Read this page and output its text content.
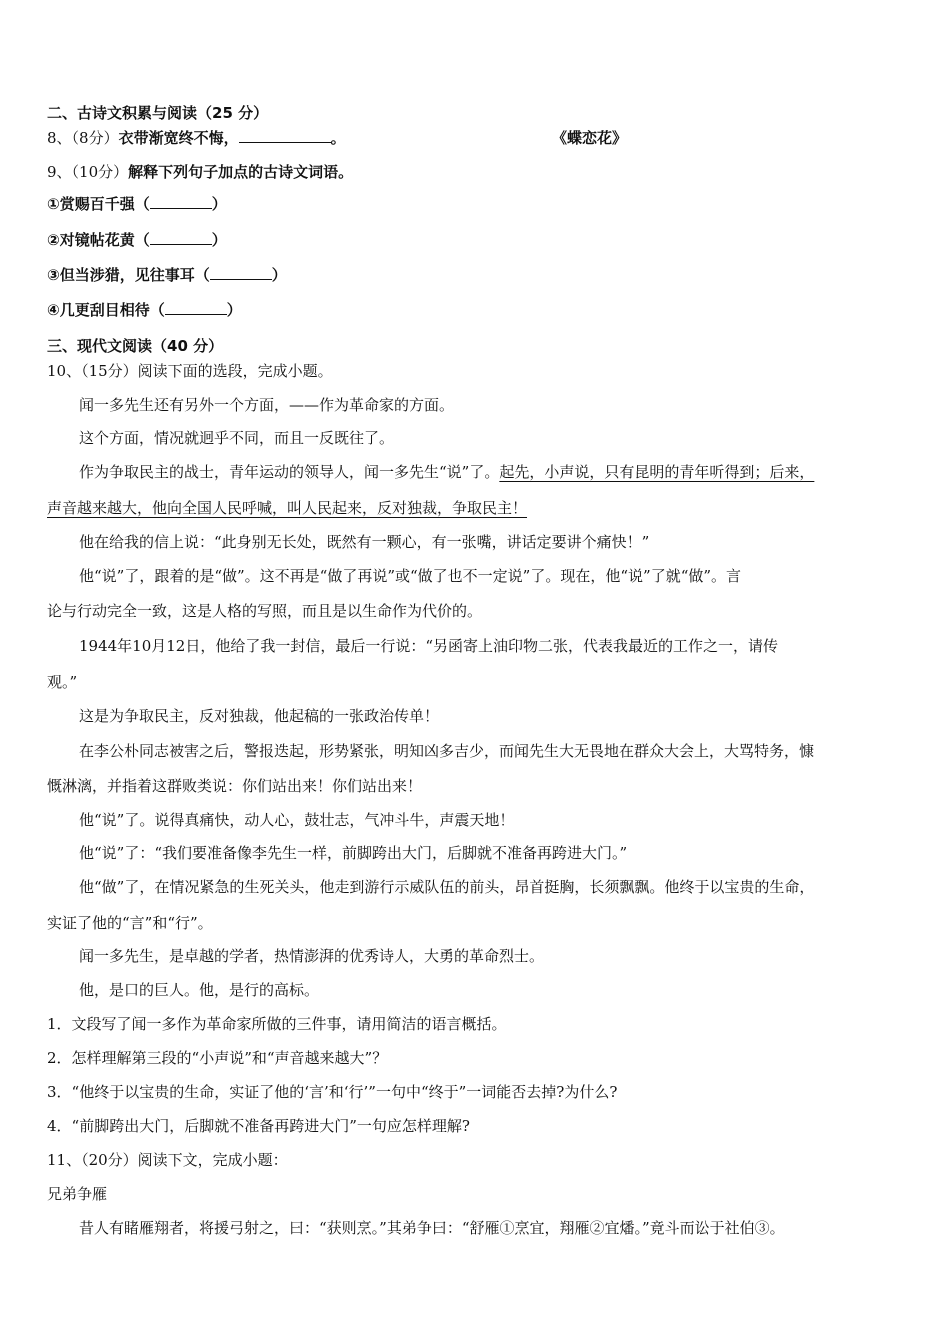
二、古诗文积累与阅读（25 分）
8、（8分）衣带渐宽终不悔，	。	《蝶恋花》
9、（10分）解释下列句子加点的古诗文词语。
①赏赐百千强（	）
②对镜帖花黄（	）
③但当涉猎，见往事耳（	）
④几更刮目相待（	）
三、现代文阅读（40 分）
10、（15分）阅读下面的选段，完成小题。
闻一多先生还有另外一个方面，——作为革命家的方面。
这个方面，情况就迥乎不同，而且一反既往了。
作为争取民主的战士，青年运动的领导人，闻一多先生“说”了。起先，小声说，只有昆明的青年听得到；后来，
声音越来越大，他向全国人民呼喊，叫人民起来，反对独裁，争取民主！
他在给我的信上说：“此身别无长处，既然有一颗心，有一张嘴，讲话定要讲个痛快！”
他“说”了，跟着的是“做”。这不再是“做了再说”或“做了也不一定说”了。现在，他“说”了就“做”。言
论与行动完全一致，这是人格的写照，而且是以生命作为代价的。
1944年10月12日，他给了我一封信，最后一行说：“另函寄上油印物二张，代表我最近的工作之一，请传
观。”
这是为争取民主，反对独裁，他起稿的一张政治传单！
在李公朴同志被害之后，警报迭起，形势紧张，明知凶多吉少，而闻先生大无畏地在群众大会上，大骂特务，慷
慨淋漓，并指着这群败类说：你们站出来！你们站出来！
他“说”了。说得真痛快，动人心，鼓壮志，气冲斗牛，声震天地！
他“说”了：“我们要准备像李先生一样，前脚跨出大门，后脚就不准备再跨进大门。”
他“做”了，在情况紧急的生死关头，他走到游行示威队伍的前头，昂首挺胸，长须飘飘。他终于以宝贵的生命，
实证了他的“言”和“行”。
闻一多先生，是卓越的学者，热情澎湃的优秀诗人，大勇的革命烈士。
他，是口的巨人。他，是行的高标。
1．文段写了闻一多作为革命家所做的三件事，请用简洁的语言概括。
2．怎样理解第三段的“小声说”和“声音越来越大”？
3．“他终于以宝贵的生命，实证了他的‘言’和‘行’”一句中“终于”一词能否去掉?为什么?
4．“前脚跨出大门，后脚就不准备再跨进大门”一句应怎样理解?
11、（20分）阅读下文，完成小题：
兄弟争雁
昔人有睹雁翔者，将援弓射之，曰：“获则烹。”其弟争曰：“舒雁①烹宜，翔雁②宜燔。”竟斗而讼于社伯③。
